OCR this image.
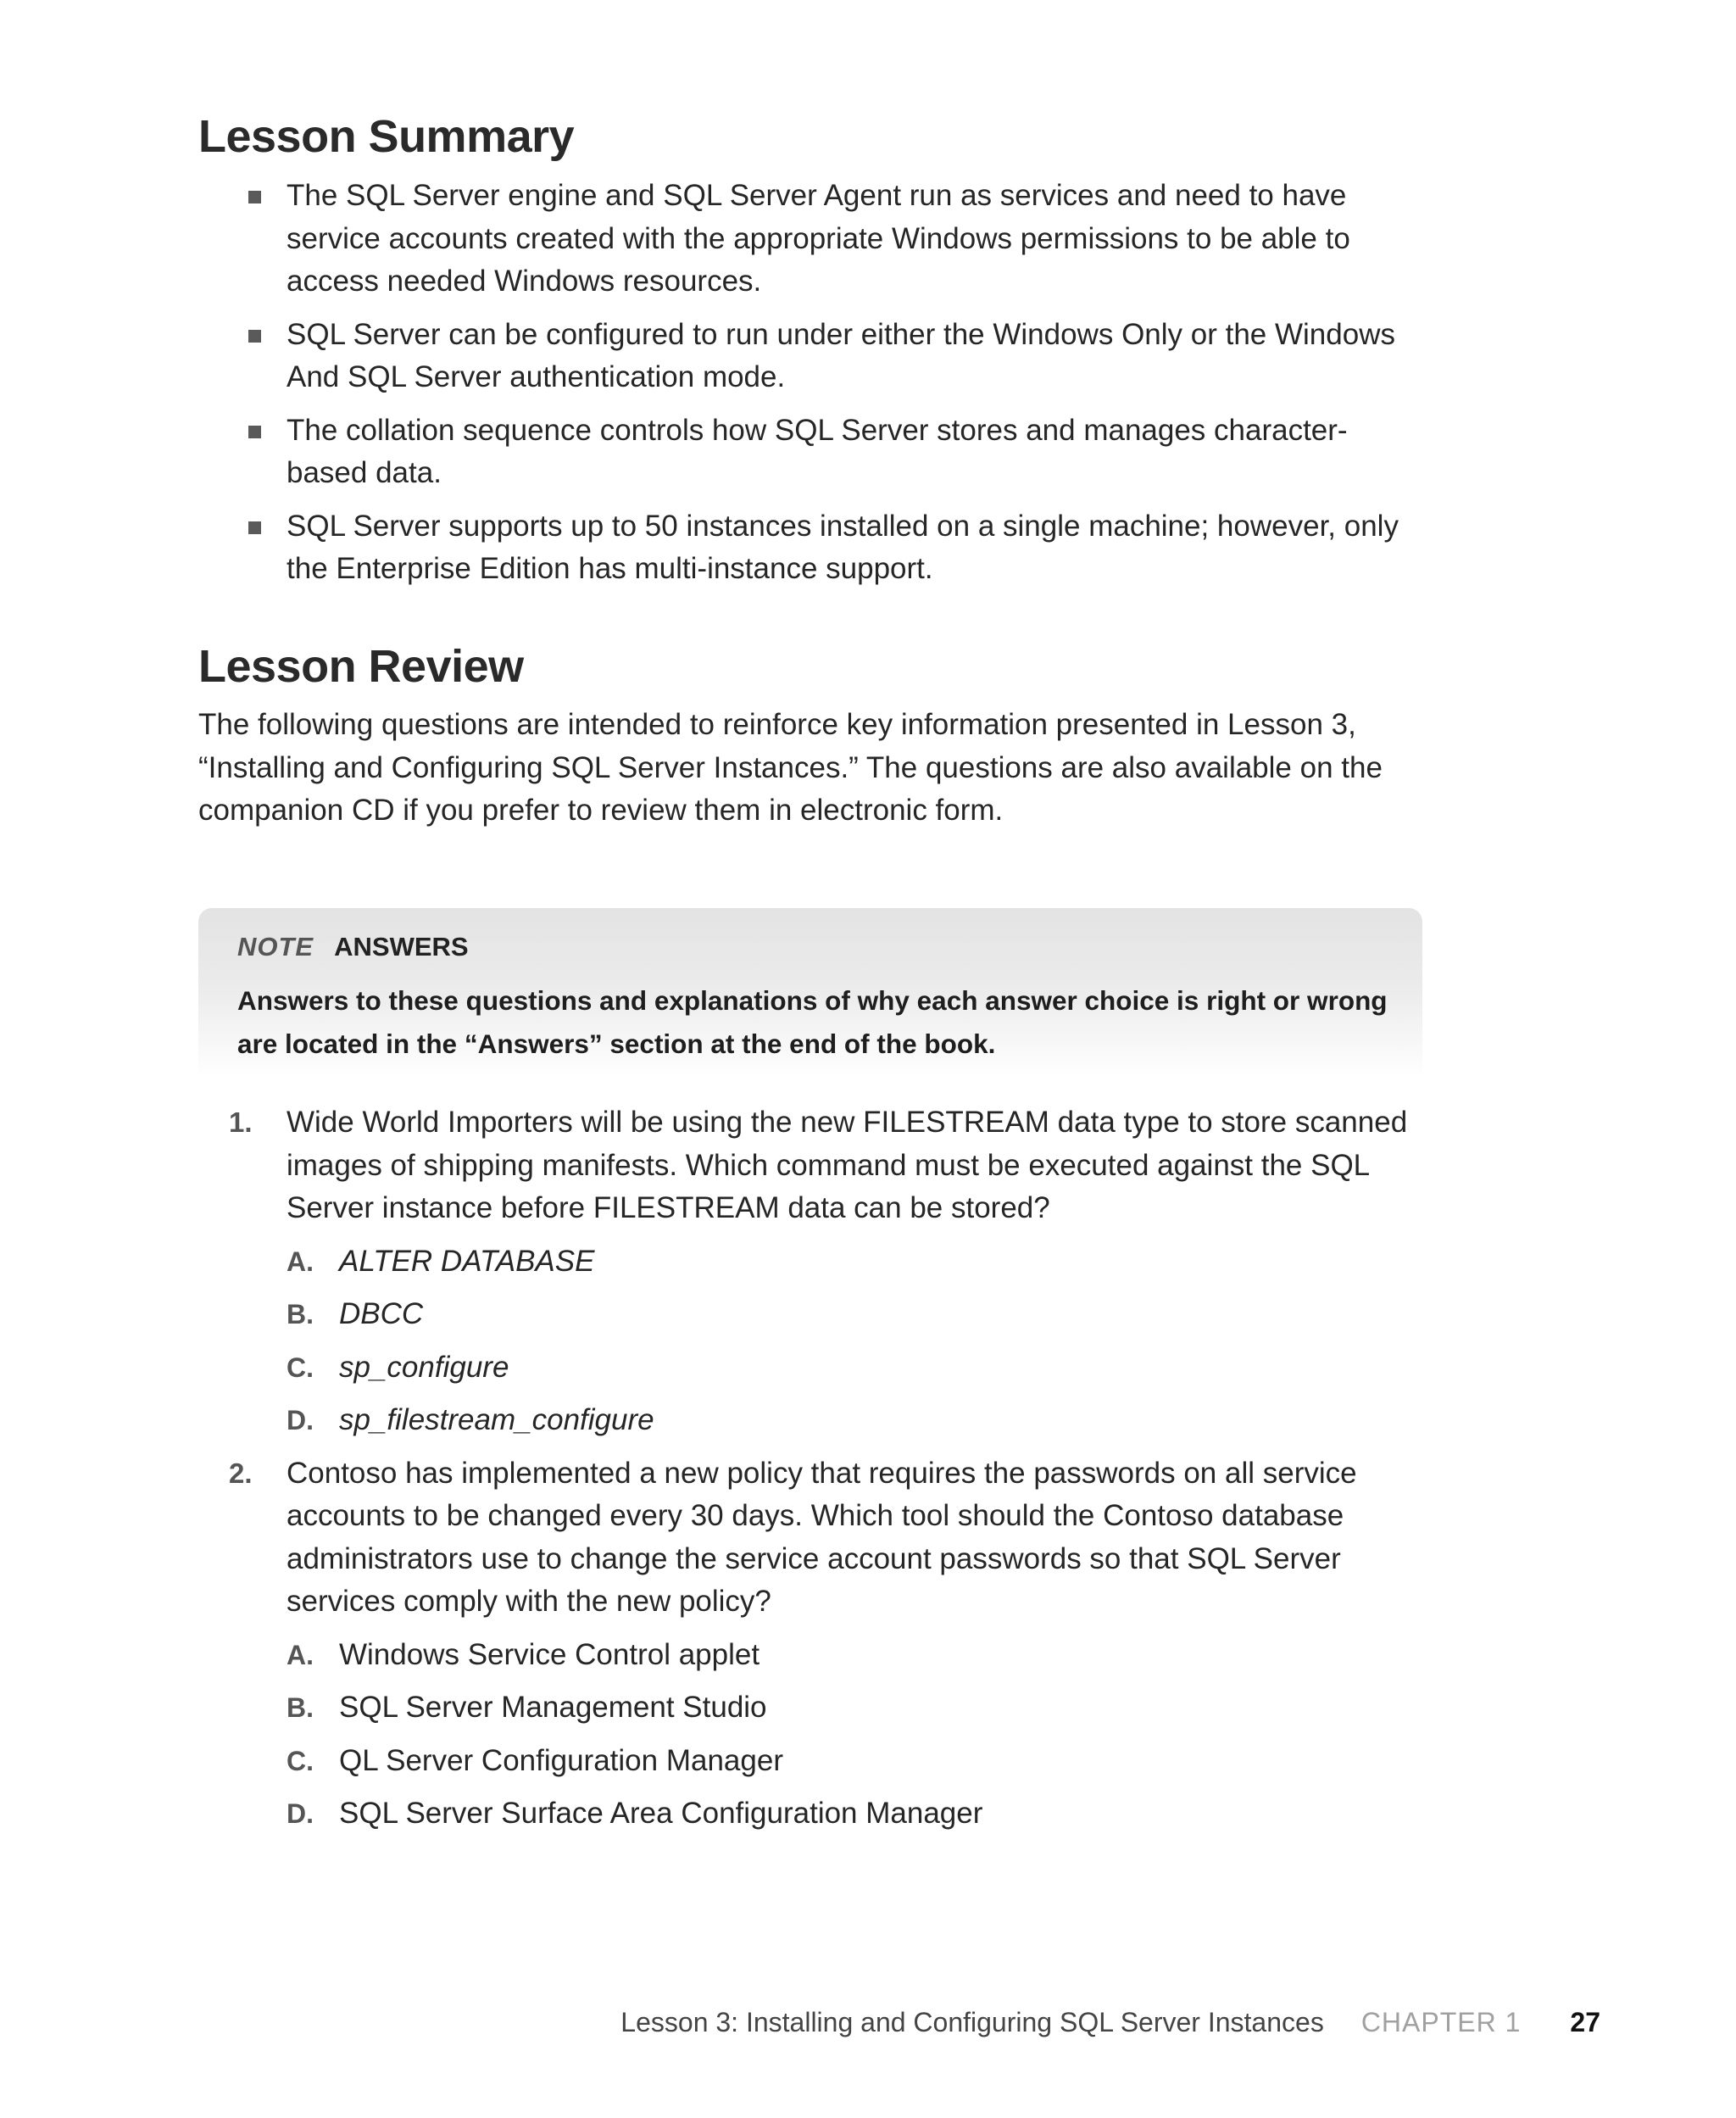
Lesson Summary
The SQL Server engine and SQL Server Agent run as services and need to have service accounts created with the appropriate Windows permissions to be able to access needed Windows resources.
SQL Server can be configured to run under either the Windows Only or the Windows And SQL Server authentication mode.
The collation sequence controls how SQL Server stores and manages character-based data.
SQL Server supports up to 50 instances installed on a single machine; however, only the Enterprise Edition has multi-instance support.
Lesson Review

The following questions are intended to reinforce key information presented in Lesson 3, “Installing and Configuring SQL Server Instances.” The questions are also available on the companion CD if you prefer to review them in electronic form.

NOTE ANSWERS

Answers to these questions and explanations of why each answer choice is right or wrong are located in the “Answers” section at the end of the book.

1. Wide World Importers will be using the new FILESTREAM data type to store scanned images of shipping manifests. Which command must be executed against the SQL Server instance before FILESTREAM data can be stored?

A. ALTER DATABASE
B. DBCC
C. sp_configure
D. sp_filestream_configure
2. Contoso has implemented a new policy that requires the passwords on all service accounts to be changed every 30 days. Which tool should the Contoso database administrators use to change the service account passwords so that SQL Server services comply with the new policy?

A. Windows Service Control applet
B. SQL Server Management Studio
C. QL Server Configuration Manager
D. SQL Server Surface Area Configuration Manager
Lesson 3: Installing and Configuring SQL Server Instances CHAPTER 1 27
